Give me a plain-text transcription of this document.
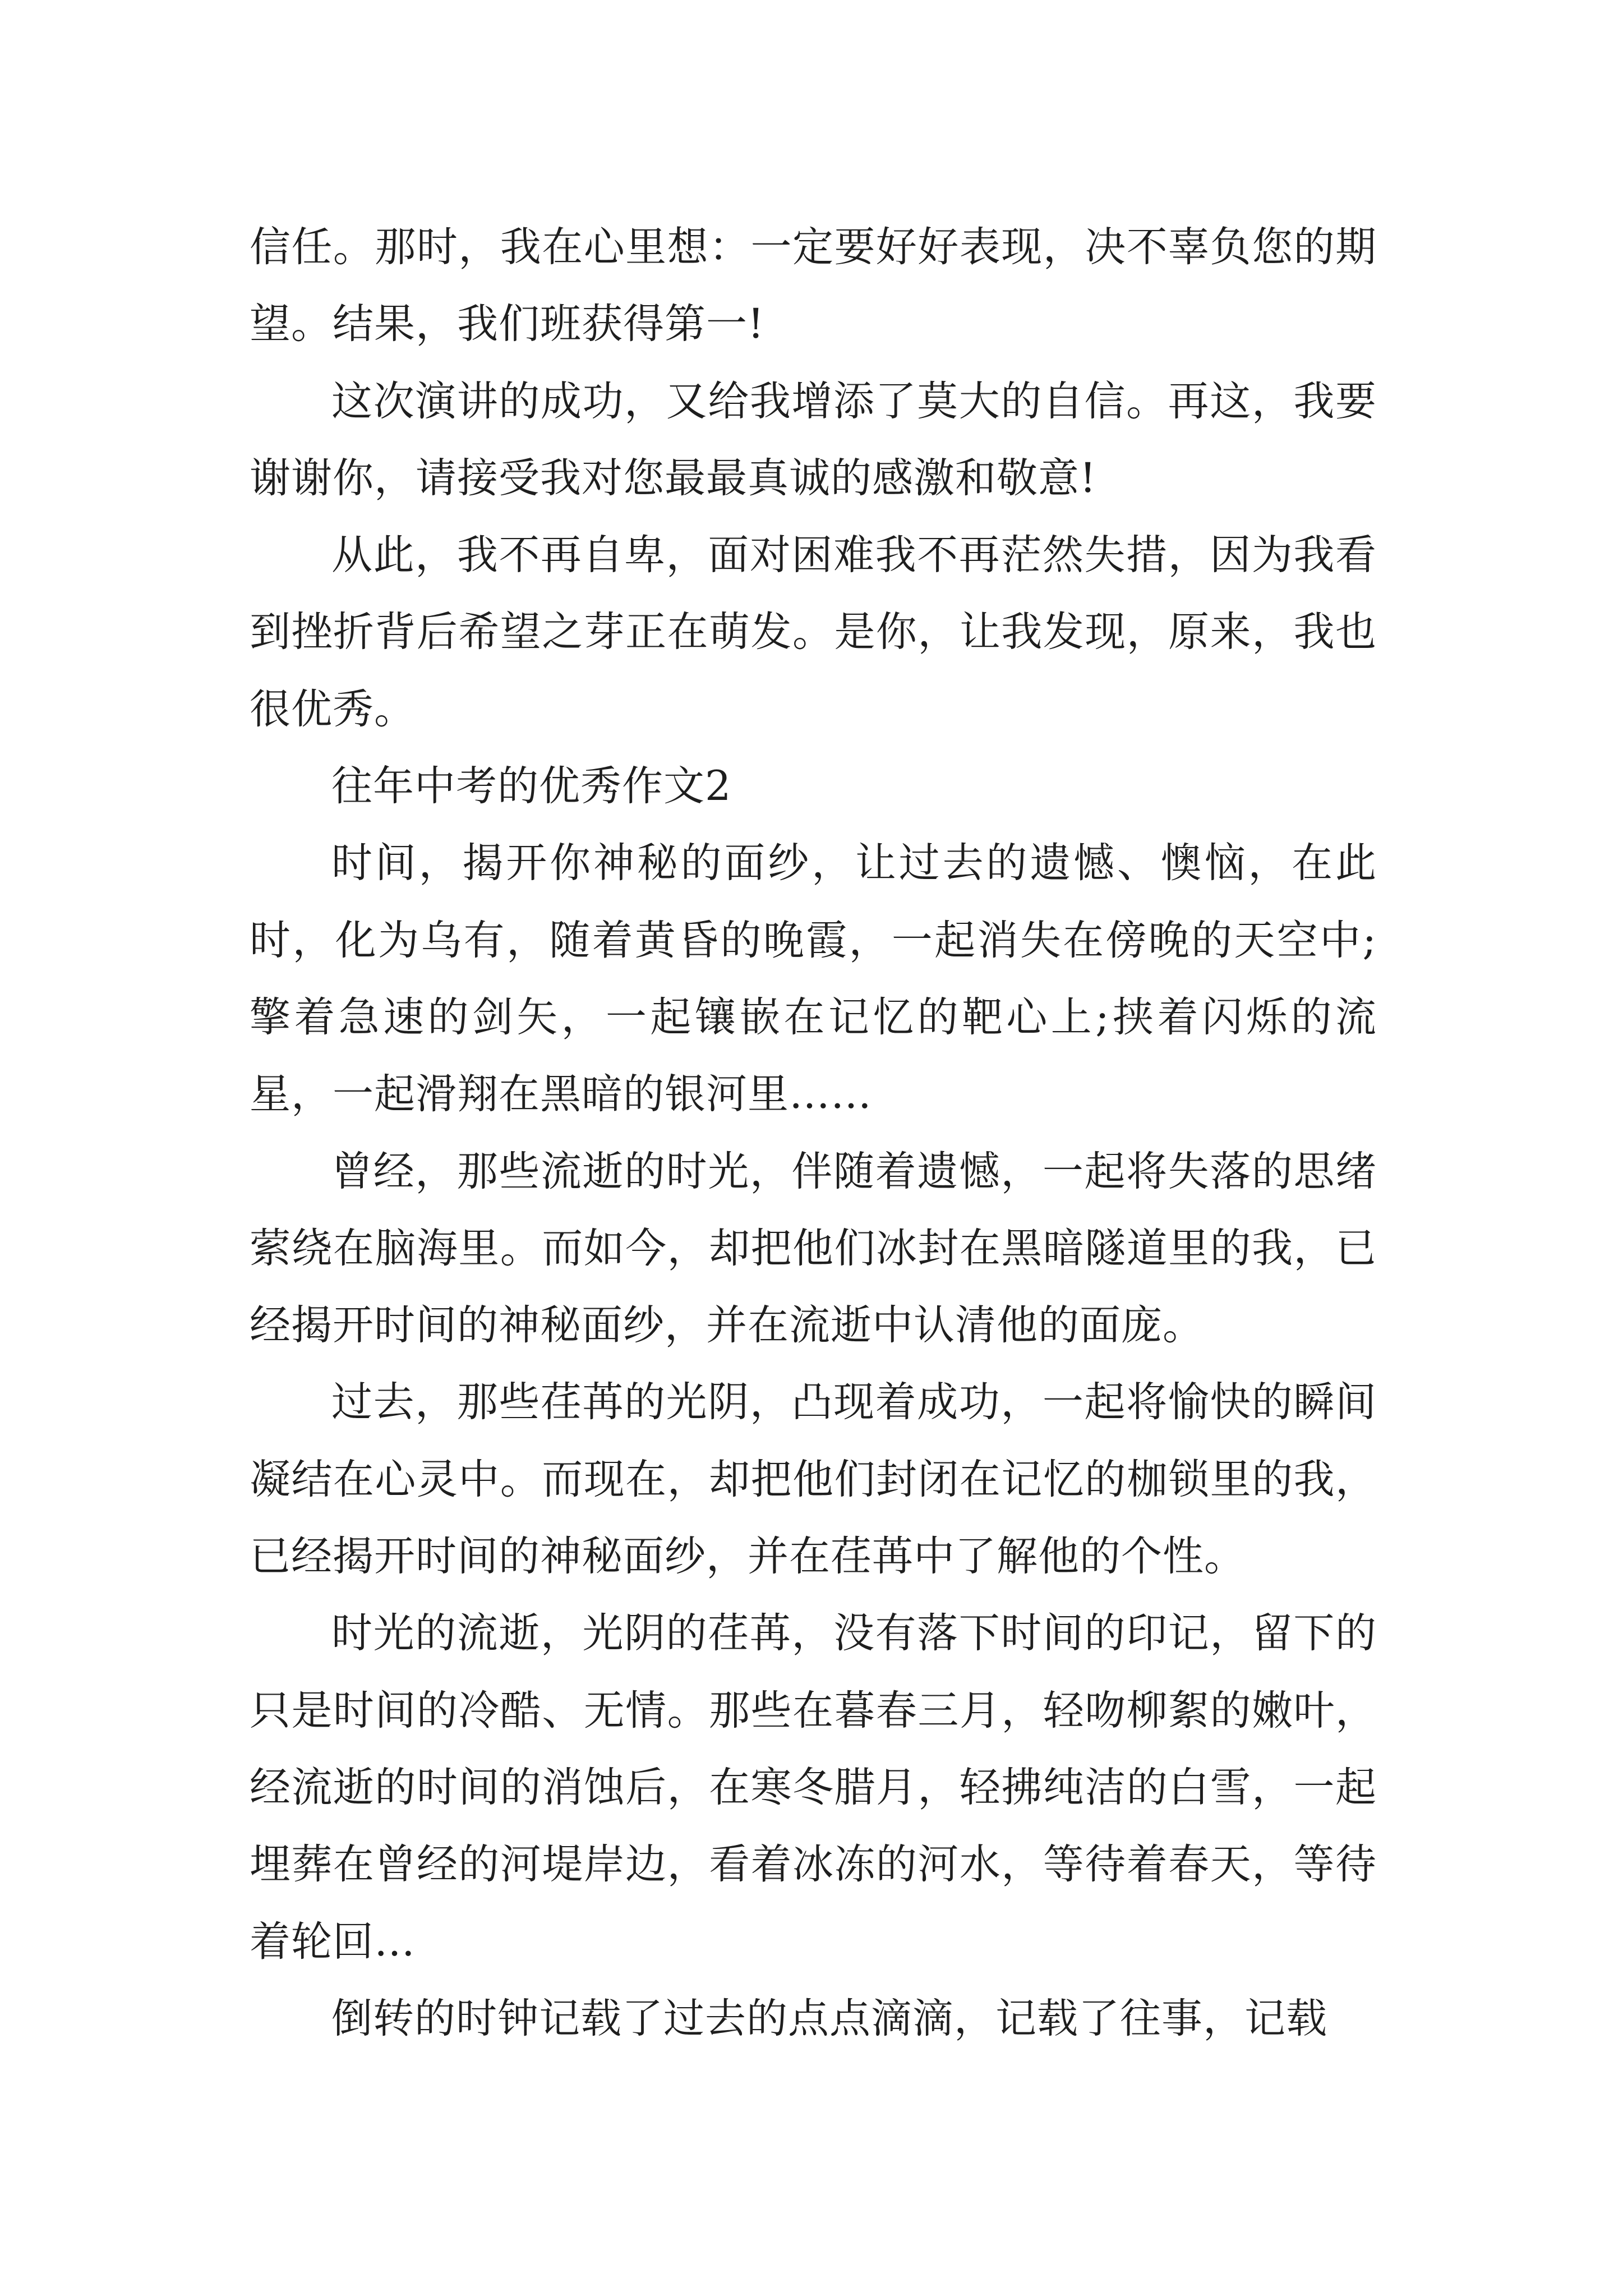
信任。那时，我在心里想：一定要好好表现，决不辜负您的期望。结果，我们班获得第一!

这次演讲的成功，又给我增添了莫大的自信。再这，我要谢谢你，请接受我对您最最真诚的感激和敬意!

从此，我不再自卑，面对困难我不再茫然失措，因为我看到挫折背后希望之芽正在萌发。是你，让我发现，原来，我也很优秀。

往年中考的优秀作文2

时间，揭开你神秘的面纱，让过去的遗憾、懊恼，在此时，化为乌有，随着黄昏的晚霞，一起消失在傍晚的天空中;擎着急速的剑矢，一起镶嵌在记忆的靶心上;挟着闪烁的流星，一起滑翔在黑暗的银河里……

曾经，那些流逝的时光，伴随着遗憾，一起将失落的思绪萦绕在脑海里。而如今，却把他们冰封在黑暗隧道里的我，已经揭开时间的神秘面纱，并在流逝中认清他的面庞。

过去，那些荏苒的光阴，凸现着成功，一起将愉快的瞬间凝结在心灵中。而现在，却把他们封闭在记忆的枷锁里的我，已经揭开时间的神秘面纱，并在荏苒中了解他的个性。

时光的流逝，光阴的荏苒，没有落下时间的印记，留下的只是时间的冷酷、无情。那些在暮春三月，轻吻柳絮的嫩叶，经流逝的时间的消蚀后，在寒冬腊月，轻拂纯洁的白雪，一起埋葬在曾经的河堤岸边，看着冰冻的河水，等待着春天，等待着轮回…

倒转的时钟记载了过去的点点滴滴，记载了往事，记载
